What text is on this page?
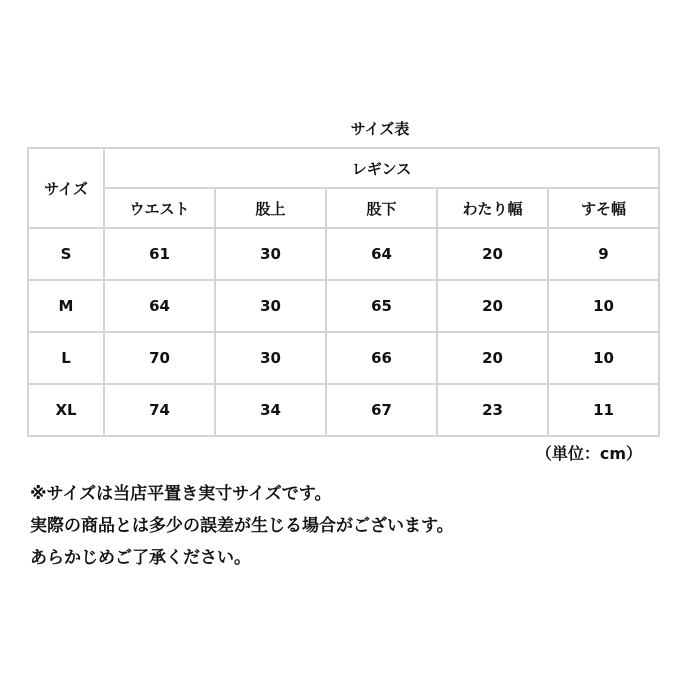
サイズ表
サイズ	レギンス				
	ウエスト	股上	股下	わたり幅	すそ幅
S	61	30	64	20	9
M	64	30	65	20	10
L	70	30	66	20	10
XL	74	34	67	23	11
（単位：cm）
※サイズは当店平置き実寸サイズです。
実際の商品とは多少の誤差が生じる場合がございます。
あらかじめご了承ください。
